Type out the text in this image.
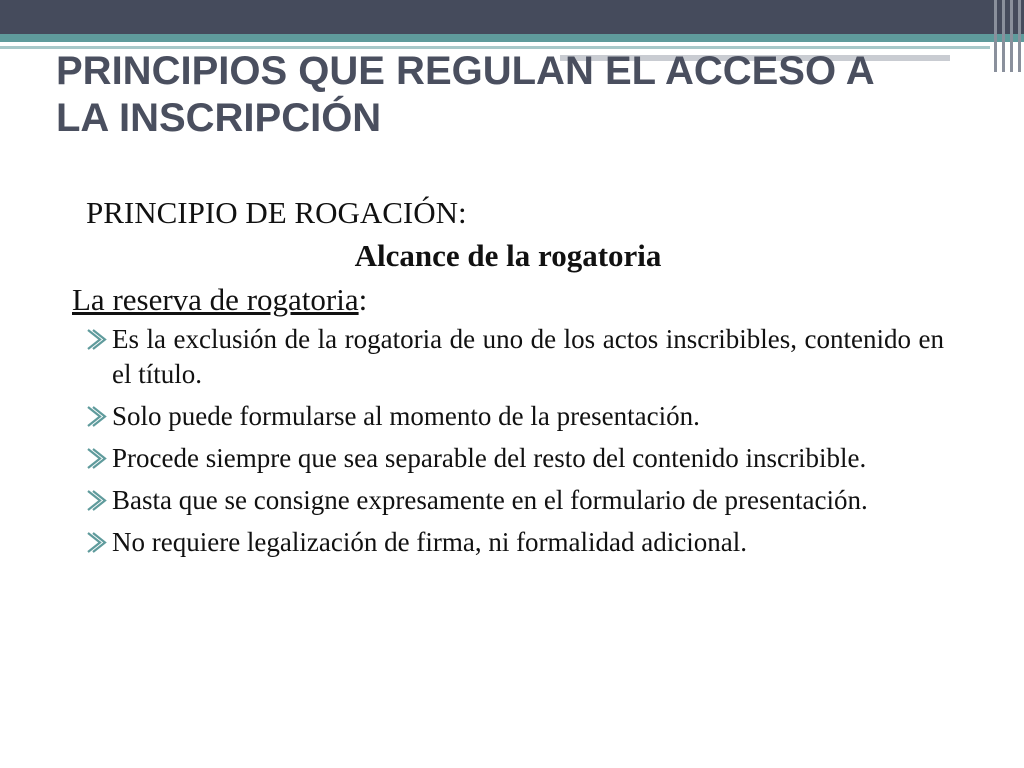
PRINCIPIOS QUE REGULAN EL ACCESO A LA INSCRIPCIÓN

PRINCIPIO DE ROGACIÓN:

Alcance de la rogatoria

La reserva de rogatoria:

Es la exclusión de la rogatoria de uno de los actos inscribibles, contenido en el título.
Solo puede formularse al momento de la presentación.
Procede siempre que sea separable del resto del contenido inscribible.
Basta que se consigne expresamente en el formulario de presentación.
No requiere legalización de firma, ni formalidad adicional.
